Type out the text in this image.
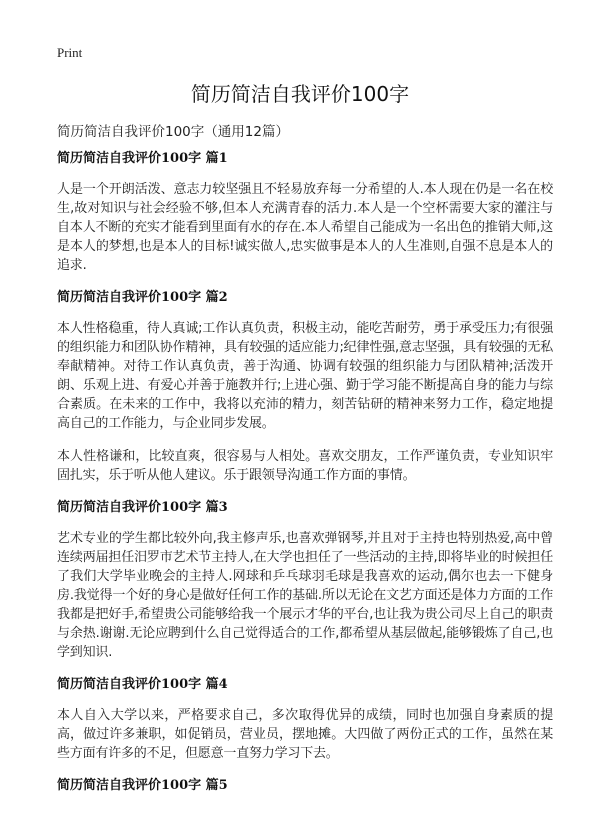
Print
简历简洁自我评价100字

简历简洁自我评价100字（通用12篇）

简历简洁自我评价100字 篇1

人是一个开朗活泼、意志力较坚强且不轻易放弃每一分希望的人.本人现在仍是一名在校生,故对知识与社会经验不够,但本人充满青春的活力.本人是一个空杯需要大家的灌注与自本人不断的充实才能看到里面有水的存在.本人希望自己能成为一名出色的推销大师,这是本人的梦想,也是本人的目标!诚实做人,忠实做事是本人的人生准则,自强不息是本人的追求.

简历简洁自我评价100字 篇2

本人性格稳重，待人真诚;工作认真负责，积极主动，能吃苦耐劳，勇于承受压力;有很强的组织能力和团队协作精神，具有较强的适应能力;纪律性强,意志坚强，具有较强的无私奉献精神。对待工作认真负责，善于沟通、协调有较强的组织能力与团队精神;活泼开朗、乐观上进、有爱心并善于施教并行;上进心强、勤于学习能不断提高自身的能力与综合素质。在未来的工作中，我将以充沛的精力，刻苦钻研的精神来努力工作，稳定地提高自己的工作能力，与企业同步发展。

本人性格谦和，比较直爽，很容易与人相处。喜欢交朋友，工作严谨负责，专业知识牢固扎实，乐于听从他人建议。乐于跟领导沟通工作方面的事情。

简历简洁自我评价100字 篇3

艺术专业的学生都比较外向,我主修声乐,也喜欢弹钢琴,并且对于主持也特别热爱,高中曾连续两届担任汨罗市艺术节主持人,在大学也担任了一些活动的主持,即将毕业的时候担任了我们大学毕业晚会的主持人.网球和乒乓球羽毛球是我喜欢的运动,偶尔也去一下健身房.我觉得一个好的身心是做好任何工作的基础.所以无论在文艺方面还是体力方面的工作我都是把好手,希望贵公司能够给我一个展示才华的平台,也让我为贵公司尽上自己的职责与余热.谢谢.无论应聘到什么自己觉得适合的工作,都希望从基层做起,能够锻炼了自己,也学到知识.

简历简洁自我评价100字 篇4

本人自入大学以来，严格要求自己，多次取得优异的成绩，同时也加强自身素质的提高，做过许多兼职，如促销员，营业员，摆地摊。大四做了两份正式的工作，虽然在某些方面有许多的不足，但愿意一直努力学习下去。

简历简洁自我评价100字 篇5
